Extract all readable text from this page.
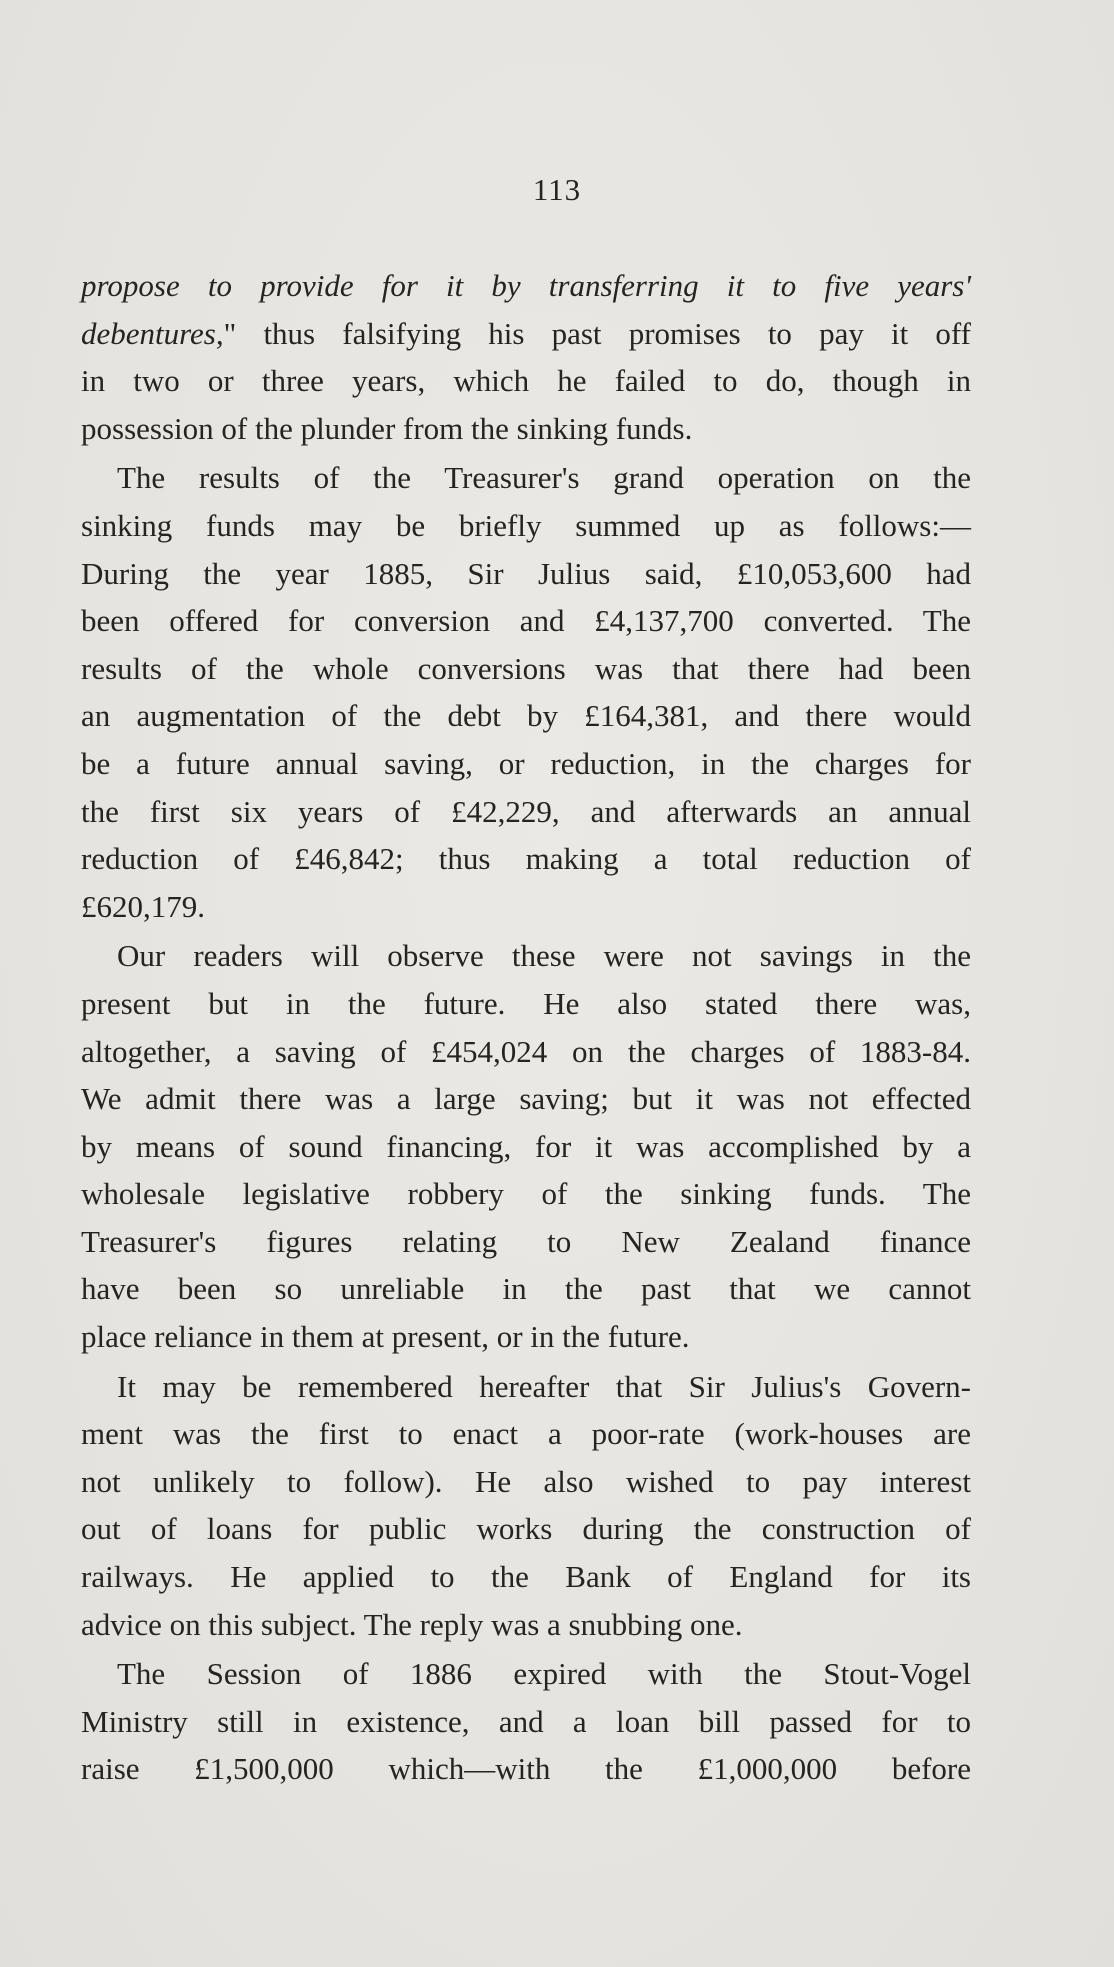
113
propose to provide for it by transferring it to five years'
debentures," thus falsifying his past promises to pay it off
in two or three years, which he failed to do, though in
possession of the plunder from the sinking funds.
The results of the Treasurer's grand operation on the
sinking funds may be briefly summed up as follows:—
During the year 1885, Sir Julius said, £10,053,600 had
been offered for conversion and £4,137,700 converted. The
results of the whole conversions was that there had been
an augmentation of the debt by £164,381, and there would
be a future annual saving, or reduction, in the charges for
the first six years of £42,229, and afterwards an annual
reduction of £46,842; thus making a total reduction of
£620,179.
Our readers will observe these were not savings in the
present but in the future. He also stated there was,
altogether, a saving of £454,024 on the charges of 1883-84.
We admit there was a large saving; but it was not effected
by means of sound financing, for it was accomplished by a
wholesale legislative robbery of the sinking funds. The
Treasurer's figures relating to New Zealand finance
have been so unreliable in the past that we cannot
place reliance in them at present, or in the future.
It may be remembered hereafter that Sir Julius's Govern-
ment was the first to enact a poor-rate (work-houses are
not unlikely to follow). He also wished to pay interest
out of loans for public works during the construction of
railways. He applied to the Bank of England for its
advice on this subject. The reply was a snubbing one.
The Session of 1886 expired with the Stout-Vogel
Ministry still in existence, and a loan bill passed for to
raise £1,500,000 which—with the £1,000,000 before
